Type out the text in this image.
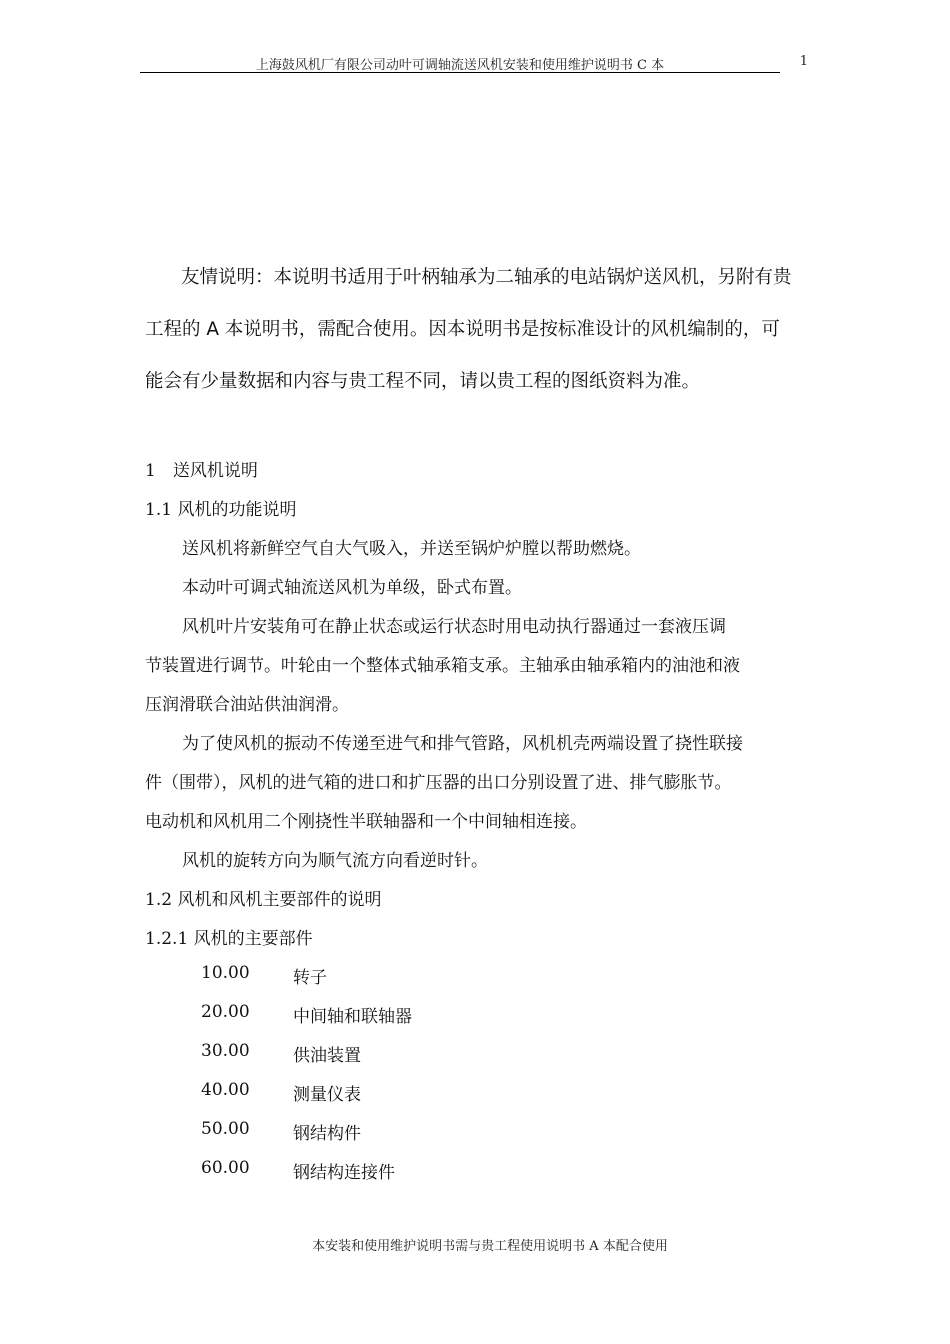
上海鼓风机厂有限公司动叶可调轴流送风机安装和使用维护说明书 C 本	1
友情说明：本说明书适用于叶柄轴承为二轴承的电站锅炉送风机，另附有贵
工程的 A 本说明书，需配合使用。因本说明书是按标准设计的风机编制的，可
能会有少量数据和内容与贵工程不同，请以贵工程的图纸资料为准。
1　送风机说明
1.1 风机的功能说明
送风机将新鲜空气自大气吸入，并送至锅炉炉膛以帮助燃烧。
本动叶可调式轴流送风机为单级，卧式布置。
风机叶片安装角可在静止状态或运行状态时用电动执行器通过一套液压调
节装置进行调节。叶轮由一个整体式轴承箱支承。主轴承由轴承箱内的油池和液
压润滑联合油站供油润滑。
为了使风机的振动不传递至进气和排气管路，风机机壳两端设置了挠性联接
件（围带），风机的进气箱的进口和扩压器的出口分别设置了进、排气膨胀节。
电动机和风机用二个刚挠性半联轴器和一个中间轴相连接。
风机的旋转方向为顺气流方向看逆时针。
1.2 风机和风机主要部件的说明
1.2.1 风机的主要部件
10.00	转子
20.00	中间轴和联轴器
30.00	供油装置
40.00	测量仪表
50.00	钢结构件
60.00	钢结构连接件
本安装和使用维护说明书需与贵工程使用说明书 A 本配合使用
